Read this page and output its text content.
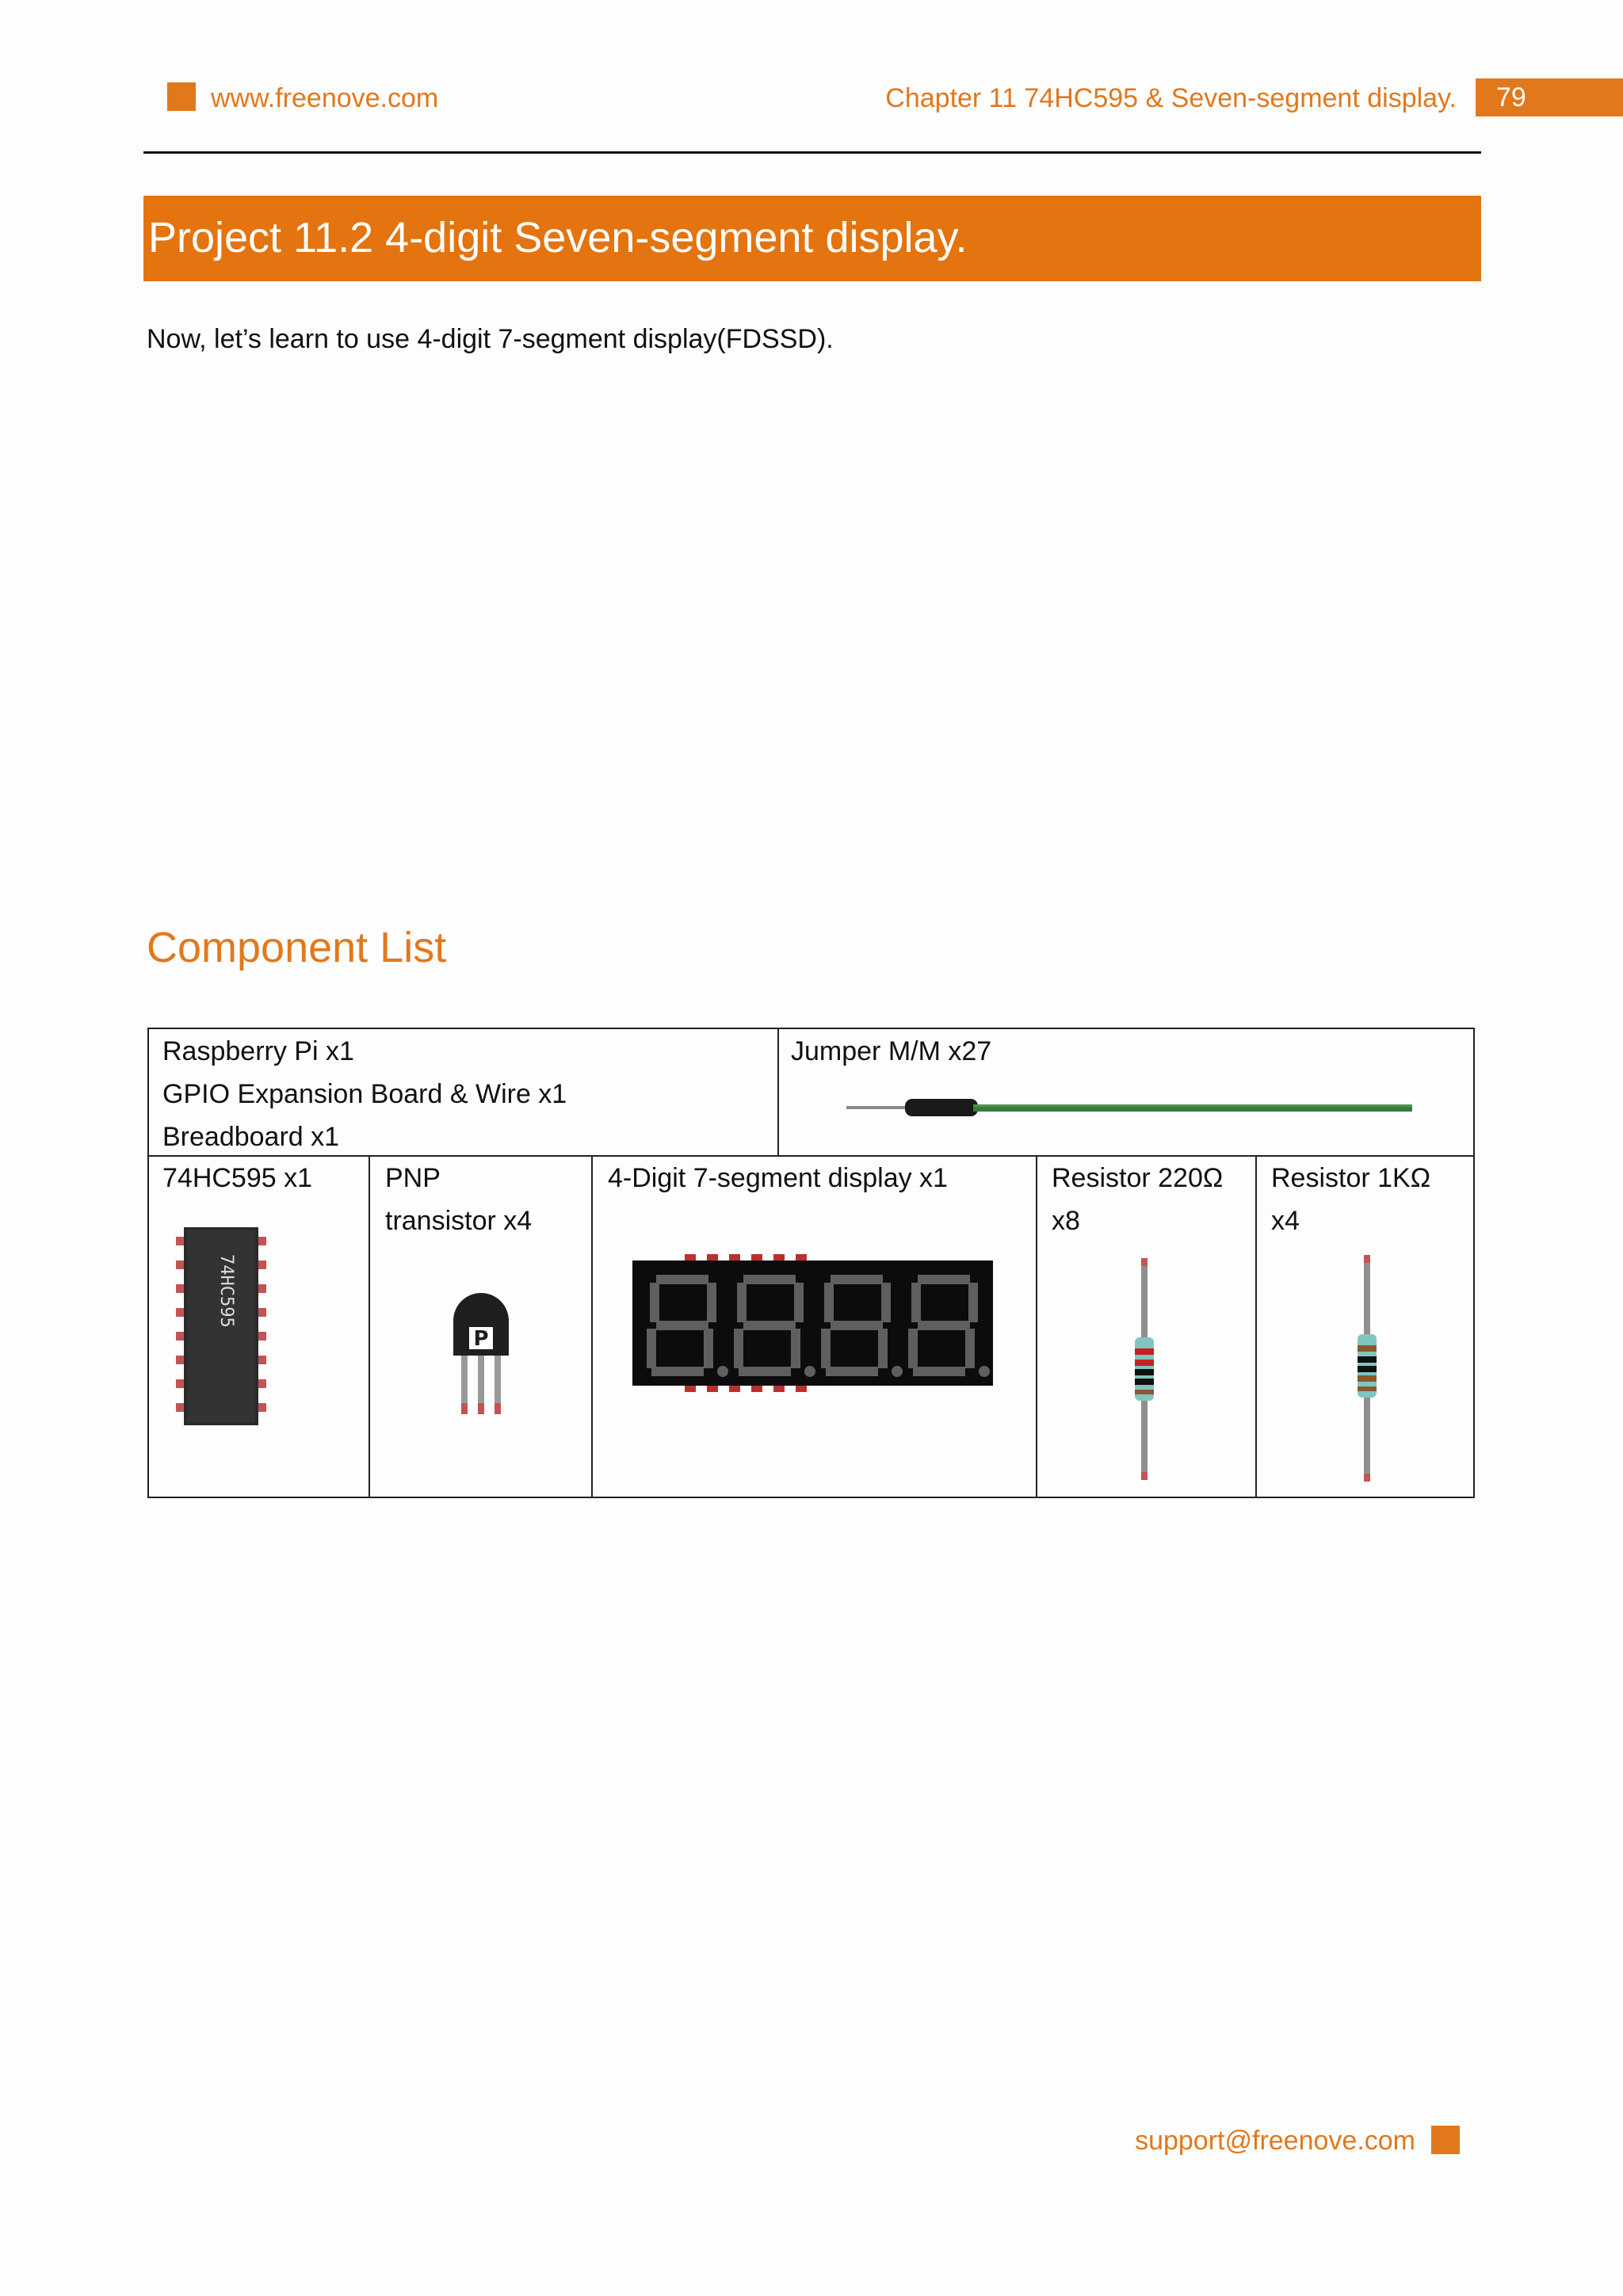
www.freenove.com	Chapter 11 74HC595 & Seven-segment display. 79
Project 11.2 4-digit Seven-segment display.
Now, let’s learn to use 4-digit 7-segment display(FDSSD).
Component List
Raspberry Pi x1
GPIO Expansion Board & Wire x1
Breadboard x1
Jumper M/M x27
74HC595 x1
74HC595
PNP
transistor x4
P
4-Digit 7-segment display x1	Resistor 220Ω
x8
Resistor 1KΩ
x4
support@freenove.com
